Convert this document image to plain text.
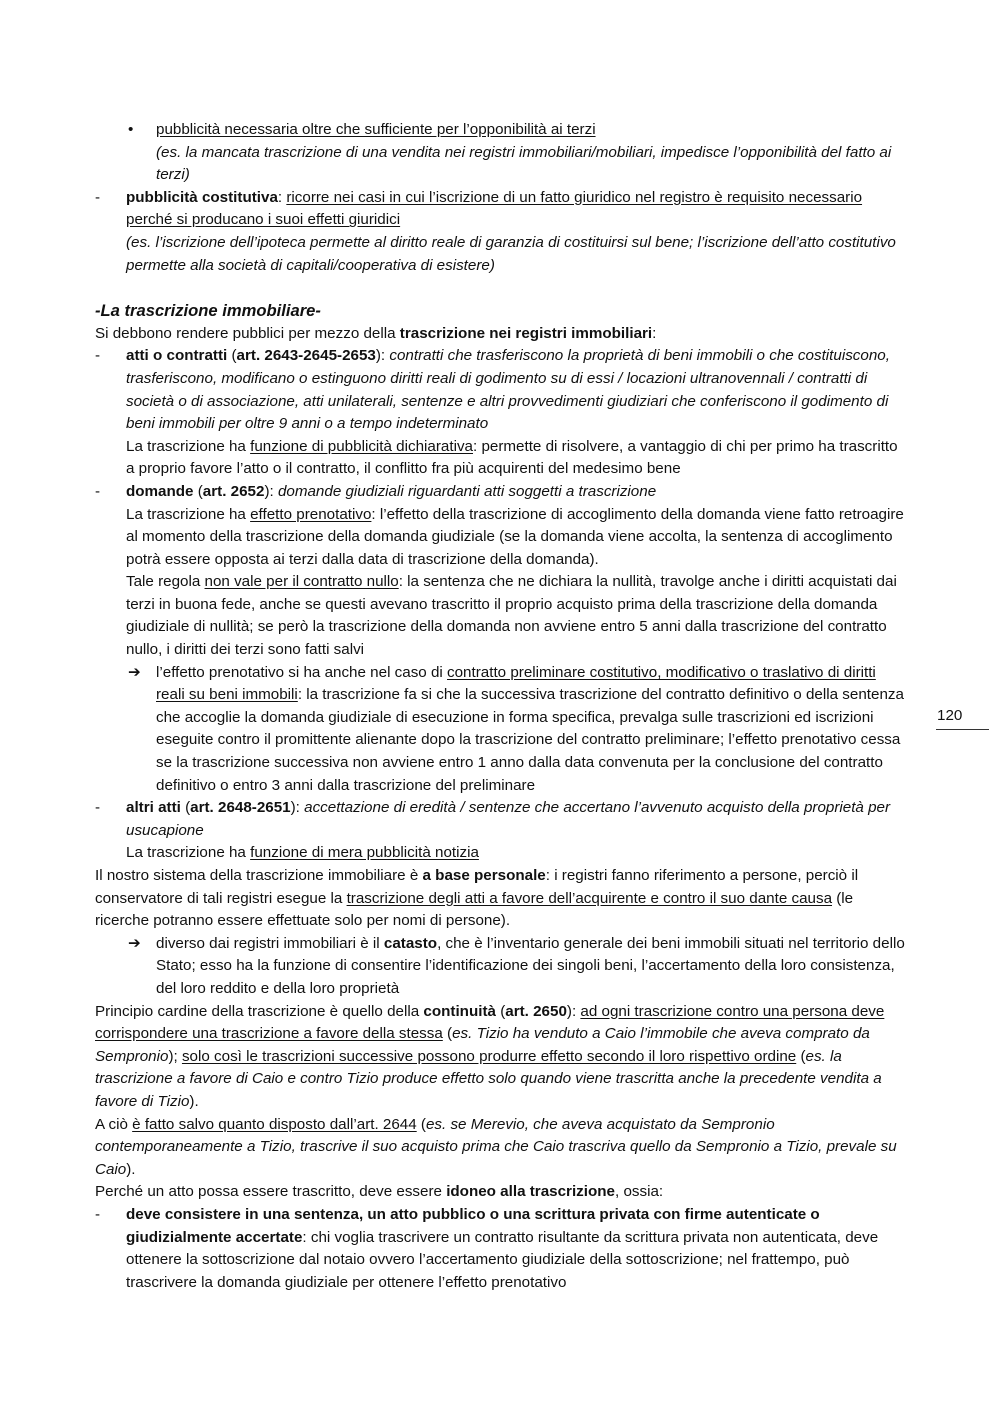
• pubblicità necessaria oltre che sufficiente per l’opponibilità ai terzi
(es. la mancata trascrizione di una vendita nei registri immobiliari/mobiliari, impedisce l’opponibilità del fatto ai terzi)
- pubblicità costitutiva: ricorre nei casi in cui l’iscrizione di un fatto giuridico nel registro è requisito necessario perché si producano i suoi effetti giuridici
(es. l’iscrizione dell’ipoteca permette al diritto reale di garanzia di costituirsi sul bene; l’iscrizione dell’atto costitutivo permette alla società di capitali/cooperativa di esistere)
-La trascrizione immobiliare-
Si debbono rendere pubblici per mezzo della trascrizione nei registri immobiliari:
- atti o contratti (art. 2643-2645-2653): contratti che trasferiscono la proprietà di beni immobili o che costituiscono, trasferiscono, modificano o estinguono diritti reali di godimento su di essi / locazioni ultranovennali / contratti di società o di associazione, atti unilaterali, sentenze e altri provvedimenti giudiziari che conferiscono il godimento di beni immobili per oltre 9 anni o a tempo indeterminato
La trascrizione ha funzione di pubblicità dichiarativa: permette di risolvere, a vantaggio di chi per primo ha trascritto a proprio favore l’atto o il contratto, il conflitto fra più acquirenti del medesimo bene
- domande (art. 2652): domande giudiziali riguardanti atti soggetti a trascrizione
La trascrizione ha effetto prenotativo: l’effetto della trascrizione di accoglimento della domanda viene fatto retroagire al momento della trascrizione della domanda giudiziale (se la domanda viene accolta, la sentenza di accoglimento potrà essere opposta ai terzi dalla data di trascrizione della domanda).
Tale regola non vale per il contratto nullo: la sentenza che ne dichiara la nullità, travolge anche i diritti acquistati dai terzi in buona fede, anche se questi avevano trascritto il proprio acquisto prima della trascrizione della domanda giudiziale di nullità; se però la trascrizione della domanda non avviene entro 5 anni dalla trascrizione del contratto nullo, i diritti dei terzi sono fatti salvi
➔ l’effetto prenotativo si ha anche nel caso di contratto preliminare costitutivo, modificativo o traslativo di diritti reali su beni immobili: la trascrizione fa si che la successiva trascrizione del contratto definitivo o della sentenza che accoglie la domanda giudiziale di esecuzione in forma specifica, prevalga sulle trascrizioni ed iscrizioni eseguite contro il promittente alienante dopo la trascrizione del contratto preliminare; l’effetto prenotativo cessa se la trascrizione successiva non avviene entro 1 anno dalla data convenuta per la conclusione del contratto definitivo o entro 3 anni dalla trascrizione del preliminare
- altri atti (art. 2648-2651): accettazione di eredità / sentenze che accertano l’avvenuto acquisto della proprietà per usucapione
La trascrizione ha funzione di mera pubblicità notizia
Il nostro sistema della trascrizione immobiliare è a base personale: i registri fanno riferimento a persone, perciò il conservatore di tali registri esegue la trascrizione degli atti a favore dell’acquirente e contro il suo dante causa (le ricerche potranno essere effettuate solo per nomi di persone).
➔ diverso dai registri immobiliari è il catasto, che è l’inventario generale dei beni immobili situati nel territorio dello Stato; esso ha la funzione di consentire l’identificazione dei singoli beni, l’accertamento della loro consistenza, del loro reddito e della loro proprietà
Principio cardine della trascrizione è quello della continuità (art. 2650): ad ogni trascrizione contro una persona deve corrispondere una trascrizione a favore della stessa (es. Tizio ha venduto a Caio l’immobile che aveva comprato da Sempronio); solo così le trascrizioni successive possono produrre effetto secondo il loro rispettivo ordine (es. la trascrizione a favore di Caio e contro Tizio produce effetto solo quando viene trascritta anche la precedente vendita a favore di Tizio).
A ciò è fatto salvo quanto disposto dall’art. 2644 (es. se Merevio, che aveva acquistato da Sempronio contemporaneamente a Tizio, trascrive il suo acquisto prima che Caio trascriva quello da Sempronio a Tizio, prevale su Caio).
Perché un atto possa essere trascritto, deve essere idoneo alla trascrizione, ossia:
- deve consistere in una sentenza, un atto pubblico o una scrittura privata con firme autenticate o giudizialmente accertate: chi voglia trascrivere un contratto risultante da scrittura privata non autenticata, deve ottenere la sottoscrizione dal notaio ovvero l’accertamento giudiziale della sottoscrizione; nel frattempo, può trascrivere la domanda giudiziale per ottenere l’effetto prenotativo
120
